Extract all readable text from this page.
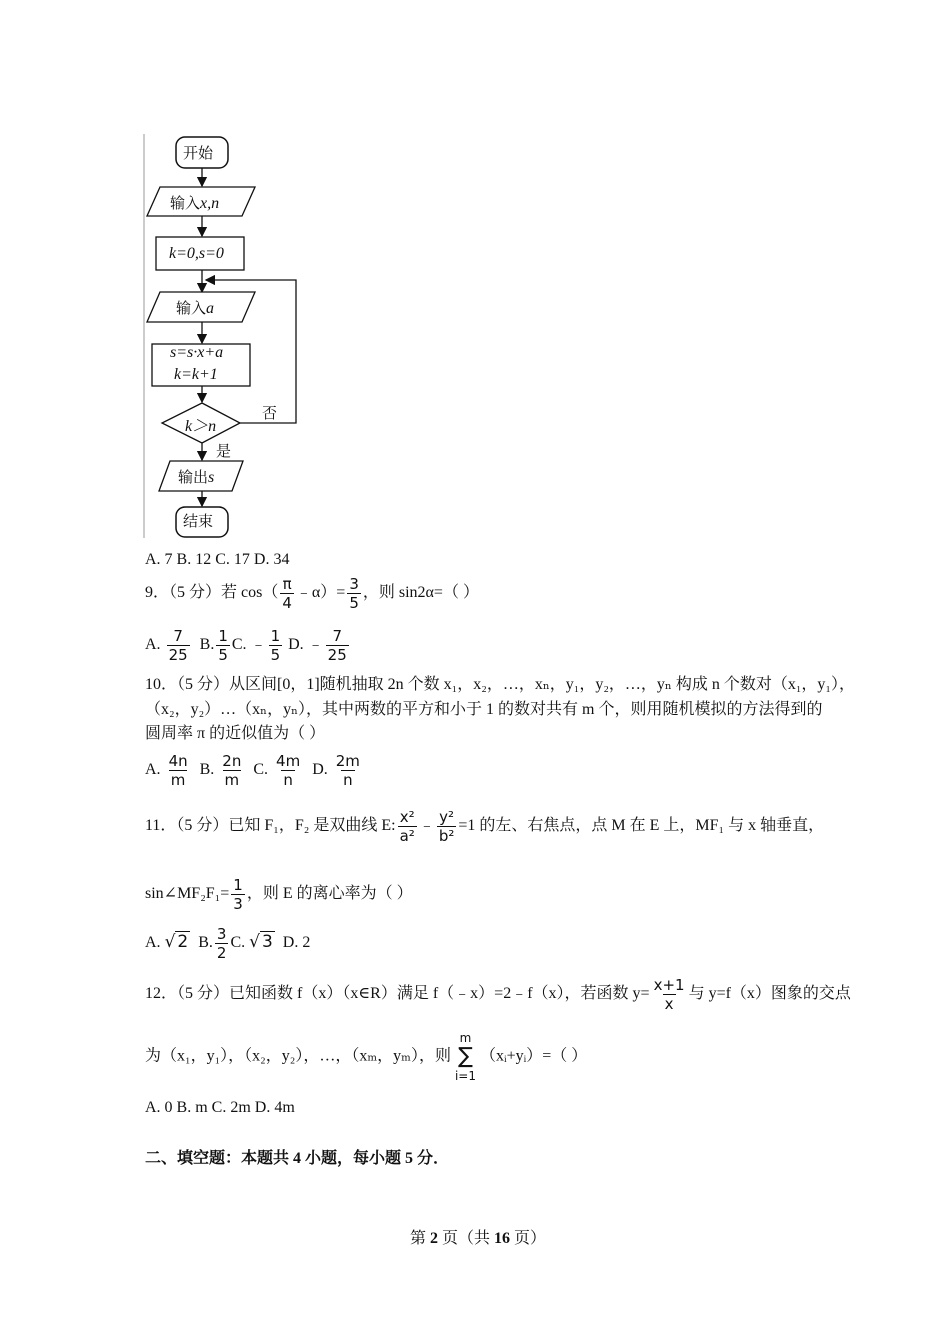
开始
输入x,n
k=0,s=0
输入a
s=s·x+a
k=k+1
k＞n
否
是
输出s
结束
A. 7 B. 12 C. 17 D. 34
9．（5 分）若 $\cos( \frac{\pi}{4}$ ﹣α）= $\frac{3}{5}$ ，则 sin2α=（ ）
A. $\frac{7}{25} B$. $\frac{1}{5} C$. ﹣ $\frac{1}{5} D$. ﹣ $\frac{7}{25}$
10．（5 分）从区间[0，1]随机抽取 2n 个数 x₁，x₂，…，xₙ，y₁，y₂，…，yₙ 构成 n 个数对（x₁，y₁），
（x₂，y₂）…（xₙ，yₙ），其中两数的平方和小于 1 的数对共有 m 个，则用随机模拟的方法得到的
圆周率 π 的近似值为（ ）
A. $\frac{4n}{m} B$. $\frac{2n}{m} C$. $\frac{4m}{n} D$. $\frac{2m}{n}$
11．（5 分）已知 F₁，F₂ 是双曲线 E: $\frac{\text{x²}}{\text{a²}}$ ﹣ $\frac{\text{y²}}{\text{b²}} =1$ 的左、右焦点，点 M 在 E 上，MF₁ 与 x 轴垂直，
sin∠MF₂F₁= $\frac{1}{3}$ ，则 E 的离心率为（ ）
A. √ 2 B. $\frac{3}{2} C$. √ 3 D. 2
12．（5 分）已知函数 f（x）（x∈R）满足 f（﹣x）=2﹣f（x），若函数 $y= \frac{x+1}{x}$ 与 y=f（x）图象的交点
为（x₁，y₁），（x₂，y₂），…，（xₘ，yₘ），则
m
∑
i=1
（xᵢ+yᵢ）=（ ）
A. 0 B. m C. 2m D. 4m
二、填空题：本题共 4 小题，每小题 5 分．
第 2 页（共 16 页）
